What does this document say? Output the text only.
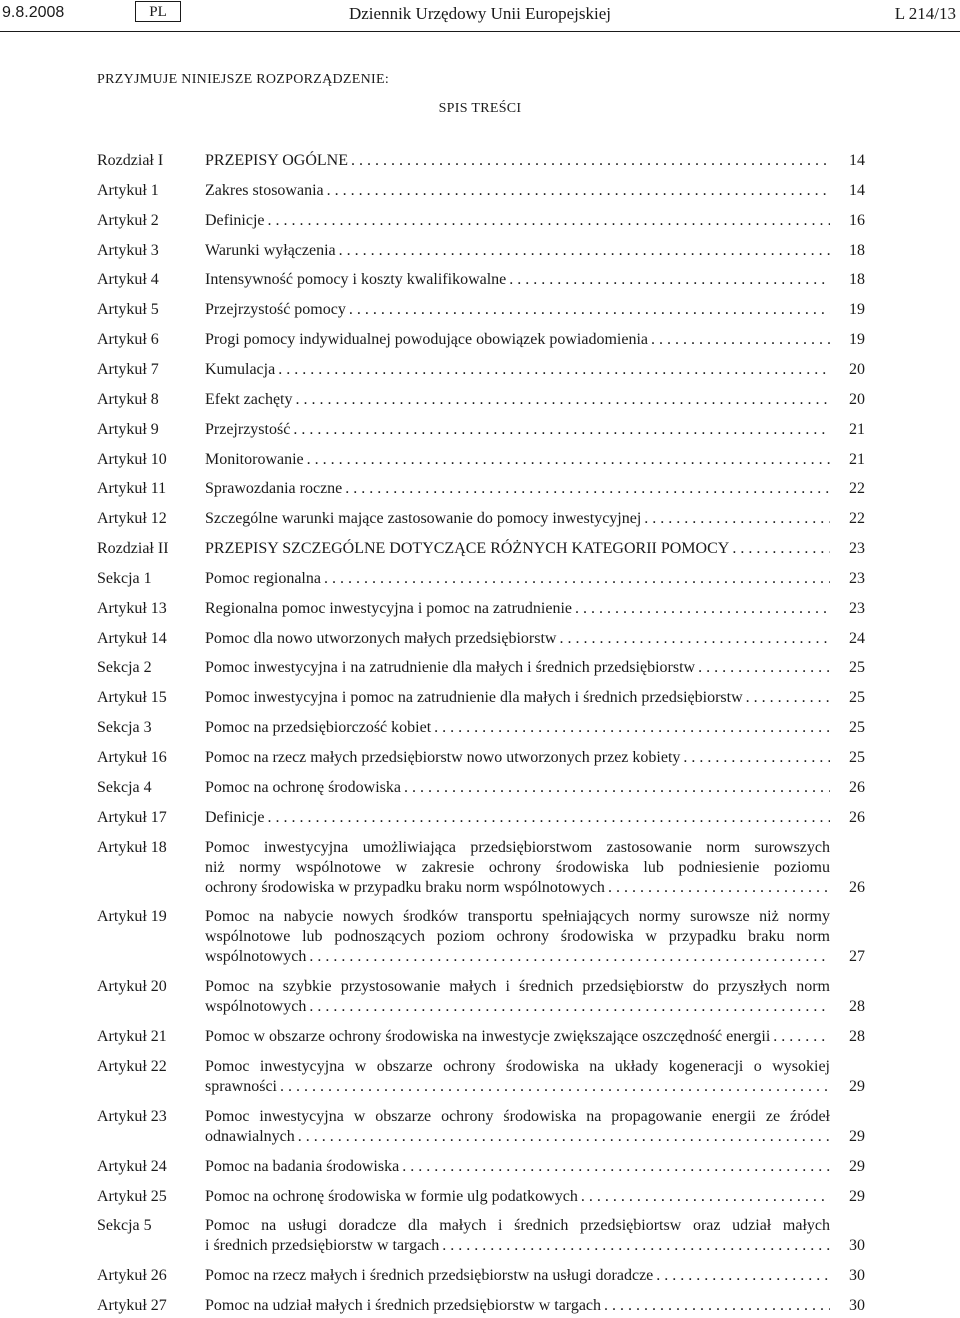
9.8.2008	PL	Dziennik Urzędowy Unii Europejskiej	L 214/13
PRZYJMUJE NINIEJSZE ROZPORZĄDZENIE:
SPIS TREŚCI
Rozdział I	PRZEPISY OGÓLNE . . .	14
Artykuł 1	Zakres stosowania . . .	14
Artykuł 2	Definicje . . .	16
Artykuł 3	Warunki wyłączenia . . .	18
Artykuł 4	Intensywność pomocy i koszty kwalifikowalne . . .	18
Artykuł 5	Przejrzystość pomocy . . .	19
Artykuł 6	Progi pomocy indywidualnej powodujące obowiązek powiadomienia . . .	19
Artykuł 7	Kumulacja . . .	20
Artykuł 8	Efekt zachęty . . .	20
Artykuł 9	Przejrzystość . . .	21
Artykuł 10 Monitorowanie . . .	21
Artykuł 11 Sprawozdania roczne . . .	22
Artykuł 12 Szczególne warunki mające zastosowanie do pomocy inwestycyjnej . . .	22
Rozdział II PRZEPISY SZCZEGÓLNE DOTYCZĄCE RÓŻNYCH KATEGORII POMOCY . . .	23
Sekcja 1	Pomoc regionalna . . .	23
Artykuł 13 Regionalna pomoc inwestycyjna i pomoc na zatrudnienie . . .	23
Artykuł 14 Pomoc dla nowo utworzonych małych przedsiębiorstw . . .	24
Sekcja 2	Pomoc inwestycyjna i na zatrudnienie dla małych i średnich przedsiębiorstw . . .	25
Artykuł 15 Pomoc inwestycyjna i pomoc na zatrudnienie dla małych i średnich przedsiębiorstw . . .	25
Sekcja 3	Pomoc na przedsiębiorczość kobiet . . .	25
Artykuł 16 Pomoc na rzecz małych przedsiębiorstw nowo utworzonych przez kobiety . . .	25
Sekcja 4	Pomoc na ochronę środowiska . . .	26
Artykuł 17 Definicje . . .	26
Artykuł 18 Pomoc inwestycyjna umożliwiająca przedsiębiorstwom zastosowanie norm surowszych
niż normy wspólnotowe w zakresie ochrony środowiska lub podniesienie poziomu
ochrony środowiska w przypadku braku norm wspólnotowych . . .	26
Artykuł 19 Pomoc na nabycie nowych środków transportu spełniających normy surowsze niż normy
wspólnotowe lub podnoszących poziom ochrony środowiska w przypadku braku norm
wspólnotowych . . .	27
Artykuł 20 Pomoc na szybkie przystosowanie małych i średnich przedsiębiorstw do przyszłych norm
wspólnotowych . . .	28
Artykuł 21 Pomoc w obszarze ochrony środowiska na inwestycje zwiększające oszczędność energii . . .	28
Artykuł 22 Pomoc inwestycyjna w obszarze ochrony środowiska na układy kogeneracji o wysokiej
sprawności . . .	29
Artykuł 23 Pomoc inwestycyjna w obszarze ochrony środowiska na propagowanie energii ze źródeł
odnawialnych . . .	29
Artykuł 24 Pomoc na badania środowiska . . .	29
Artykuł 25 Pomoc na ochronę środowiska w formie ulg podatkowych . . .	29
Sekcja 5	Pomoc na usługi doradcze dla małych i średnich przedsiębiortsw oraz udział małych
i średnich przedsiębiorstw w targach . . .	30
Artykuł 26 Pomoc na rzecz małych i średnich przedsiębiorstw na usługi doradcze . . .	30
Artykuł 27 Pomoc na udział małych i średnich przedsiębiorstw w targach . . .	30
